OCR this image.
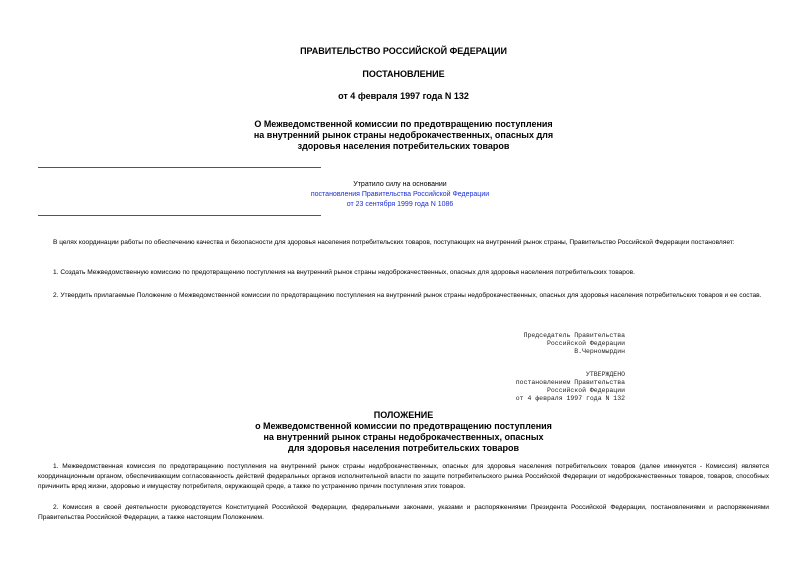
ПРАВИТЕЛЬСТВО РОССИЙСКОЙ ФЕДЕРАЦИИ
ПОСТАНОВЛЕНИЕ
от 4 февраля 1997 года N 132
О Межведомственной комиссии по предотвращению поступления
на внутренний рынок страны недоброкачественных, опасных для
здоровья населения потребительских товаров
Утратило силу на основании
постановления Правительства Российской Федерации
от 23 сентября 1999 года N 1086
В целях координации работы по обеспечению качества и безопасности для здоровья населения потребительских товаров, поступающих на внутренний рынок страны, Правительство Российской Федерации постановляет:
1. Создать Межведомственную комиссию по предотвращению поступления на внутренний рынок страны недоброкачественных, опасных для здоровья населения потребительских товаров.
2. Утвердить прилагаемые Положение о Межведомственной комиссии по предотвращению поступления на внутренний рынок страны недоброкачественных, опасных для здоровья населения потребительских товаров и ее состав.
Председатель Правительства
Российской Федерации
В.Черномырдин
УТВЕРЖДЕНО
постановлением Правительства
Российской Федерации
от 4 февраля 1997 года N 132
ПОЛОЖЕНИЕ
о Межведомственной комиссии по предотвращению поступления
на внутренний рынок страны недоброкачественных, опасных
для здоровья населения потребительских товаров
1. Межведомственная комиссия по предотвращению поступления на внутренний рынок страны недоброкачественных, опасных для здоровья населения потребительских товаров (далее именуется - Комиссия) является координационным органом, обеспечивающим согласованность действий федеральных органов исполнительной власти по защите потребительского рынка Российской Федерации от недоброкачественных товаров, товаров, способных причинить вред жизни, здоровью и имуществу потребителя, окружающей среде, а также по устранению причин поступления этих товаров.
2. Комиссия в своей деятельности руководствуется Конституцией Российской Федерации, федеральными законами, указами и распоряжениями Президента Российской Федерации, постановлениями и распоряжениями Правительства Российской Федерации, а также настоящим Положением.
